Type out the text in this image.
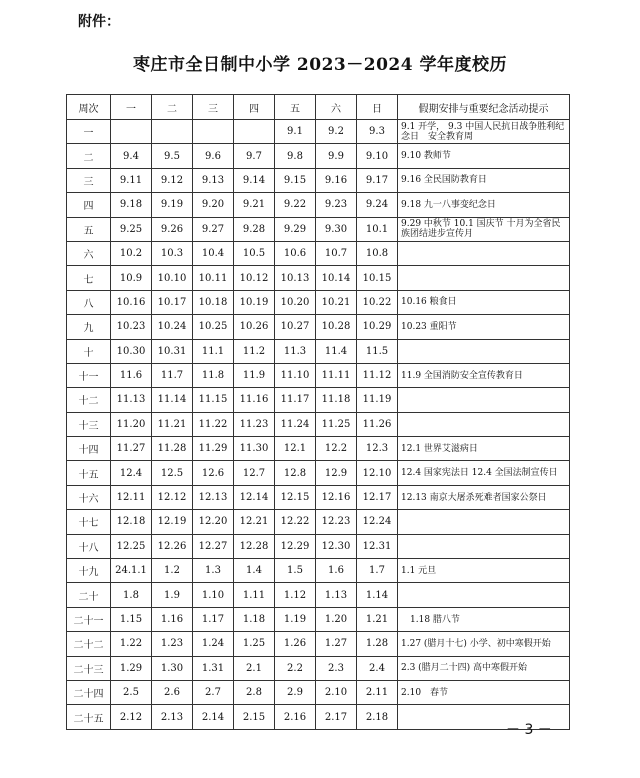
附件：
枣庄市全日制中小学 2023－2024 学年度校历
周次	一	二	三	四	五	六	日	假期安排与重要纪念活动提示
一					9.1	9.2	9.3	9.1 开学， 9.3 中国人民抗日战争胜利纪念日　安全教育周
二	9.4	9.5	9.6	9.7	9.8	9.9	9.10	9.10 教师节
三	9.11	9.12	9.13	9.14	9.15	9.16	9.17	9.16 全民国防教育日
四	9.18	9.19	9.20	9.21	9.22	9.23	9.24	9.18 九一八事变纪念日
五	9.25	9.26	9.27	9.28	9.29	9.30	10.1	9.29 中秋节 10.1 国庆节 十月为全省民族团结进步宣传月
六	10.2	10.3	10.4	10.5	10.6	10.7	10.8	
七	10.9	10.10	10.11	10.12	10.13	10.14	10.15	
八	10.16	10.17	10.18	10.19	10.20	10.21	10.22	10.16 粮食日
九	10.23	10.24	10.25	10.26	10.27	10.28	10.29	10.23 重阳节
十	10.30	10.31	11.1	11.2	11.3	11.4	11.5	
十一	11.6	11.7	11.8	11.9	11.10	11.11	11.12	11.9 全国消防安全宣传教育日
十二	11.13	11.14	11.15	11.16	11.17	11.18	11.19	
十三	11.20	11.21	11.22	11.23	11.24	11.25	11.26	
十四	11.27	11.28	11.29	11.30	12.1	12.2	12.3	12.1 世界艾滋病日
十五	12.4	12.5	12.6	12.7	12.8	12.9	12.10	12.4 国家宪法日 12.4 全国法制宣传日
十六	12.11	12.12	12.13	12.14	12.15	12.16	12.17	12.13 南京大屠杀死难者国家公祭日
十七	12.18	12.19	12.20	12.21	12.22	12.23	12.24	
十八	12.25	12.26	12.27	12.28	12.29	12.30	12.31	
十九	24.1.1	1.2	1.3	1.4	1.5	1.6	1.7	1.1 元旦
二十	1.8	1.9	1.10	1.11	1.12	1.13	1.14	
二十一	1.15	1.16	1.17	1.18	1.19	1.20	1.21	　1.18 腊八节
二十二	1.22	1.23	1.24	1.25	1.26	1.27	1.28	1.27 (腊月十七) 小学、初中寒假开始
二十三	1.29	1.30	1.31	2.1	2.2	2.3	2.4	2.3 (腊月二十四) 高中寒假开始
二十四	2.5	2.6	2.7	2.8	2.9	2.10	2.11	2.10　春节
二十五	2.12	2.13	2.14	2.15	2.16	2.17	2.18	
－ 3 －
